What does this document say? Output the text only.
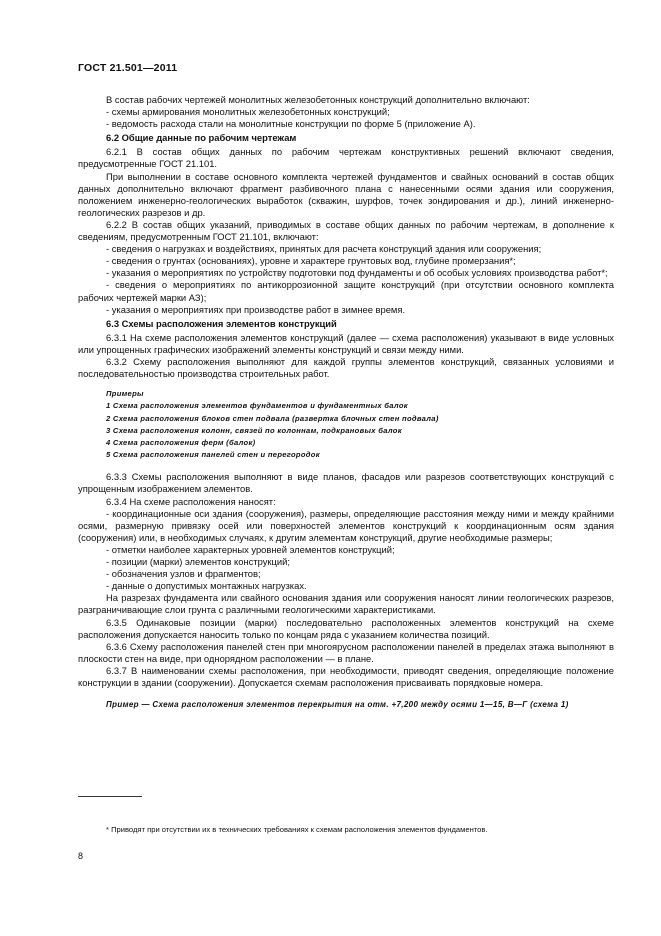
ГОСТ 21.501—2011

В состав рабочих чертежей монолитных железобетонных конструкций дополнительно включают:

- схемы армирования монолитных железобетонных конструкций;

- ведомость расхода стали на монолитные конструкции по форме 5 (приложение А).

6.2 Общие данные по рабочим чертежам

6.2.1 В состав общих данных по рабочим чертежам конструктивных решений включают сведения, предусмотренные ГОСТ 21.101.

При выполнении в составе основного комплекта чертежей фундаментов и свайных оснований в состав общих данных дополнительно включают фрагмент разбивочного плана с нанесенными осями здания или сооружения, положением инженерно-геологических выработок (скважин, шурфов, точек зондирования и др.), линий инженерно-геологических разрезов и др.

6.2.2 В состав общих указаний, приводимых в составе общих данных по рабочим чертежам, в дополнение к сведениям, предусмотренным ГОСТ 21.101, включают:

- сведения о нагрузках и воздействиях, принятых для расчета конструкций здания или сооружения;

- сведения о грунтах (основаниях), уровне и характере грунтовых вод, глубине промерзания*;

- указания о мероприятиях по устройству подготовки под фундаменты и об особых условиях производства работ*;

- сведения о мероприятиях по антикоррозионной защите конструкций (при отсутствии основного комплекта рабочих чертежей марки АЗ);

- указания о мероприятиях при производстве работ в зимнее время.

6.3 Схемы расположения элементов конструкций

6.3.1 На схеме расположения элементов конструкций (далее — схема расположения) указывают в виде условных или упрощенных графических изображений элементы конструкций и связи между ними.

6.3.2 Схему расположения выполняют для каждой группы элементов конструкций, связанных условиями и последовательностью производства строительных работ.

Примеры
1 Схема расположения элементов фундаментов и фундаментных балок
2 Схема расположения блоков стен подвала (развертка блочных стен подвала)
3 Схема расположения колонн, связей по колоннам, подкрановых балок
4 Схема расположения ферм (балок)
5 Схема расположения панелей стен и перегородок

6.3.3 Схемы расположения выполняют в виде планов, фасадов или разрезов соответствующих конструкций с упрощенным изображением элементов.

6.3.4 На схеме расположения наносят:

- координационные оси здания (сооружения), размеры, определяющие расстояния между ними и между крайними осями, размерную привязку осей или поверхностей элементов конструкций к координационным осям здания (сооружения) или, в необходимых случаях, к другим элементам конструкций, другие необходимые размеры;

- отметки наиболее характерных уровней элементов конструкций;

- позиции (марки) элементов конструкций;

- обозначения узлов и фрагментов;

- данные о допустимых монтажных нагрузках.

На разрезах фундамента или свайного основания здания или сооружения наносят линии геологических разрезов, разграничивающие слои грунта с различными геологическими характеристиками.

6.3.5 Одинаковые позиции (марки) последовательно расположенных элементов конструкций на схеме расположения допускается наносить только по концам ряда с указанием количества позиций.

6.3.6 Схему расположения панелей стен при многоярусном расположении панелей в пределах этажа выполняют в плоскости стен на виде, при однорядном расположении — в плане.

6.3.7 В наименовании схемы расположения, при необходимости, приводят сведения, определяющие положение конструкции в здании (сооружении). Допускается схемам расположения присваивать порядковые номера.

Пример — Схема расположения элементов перекрытия на отм. +7,200 между осями 1—15, В—Г (схема 1)
* Приводят при отсутствии их в технических требованиях к схемам расположения элементов фундаментов.
8
